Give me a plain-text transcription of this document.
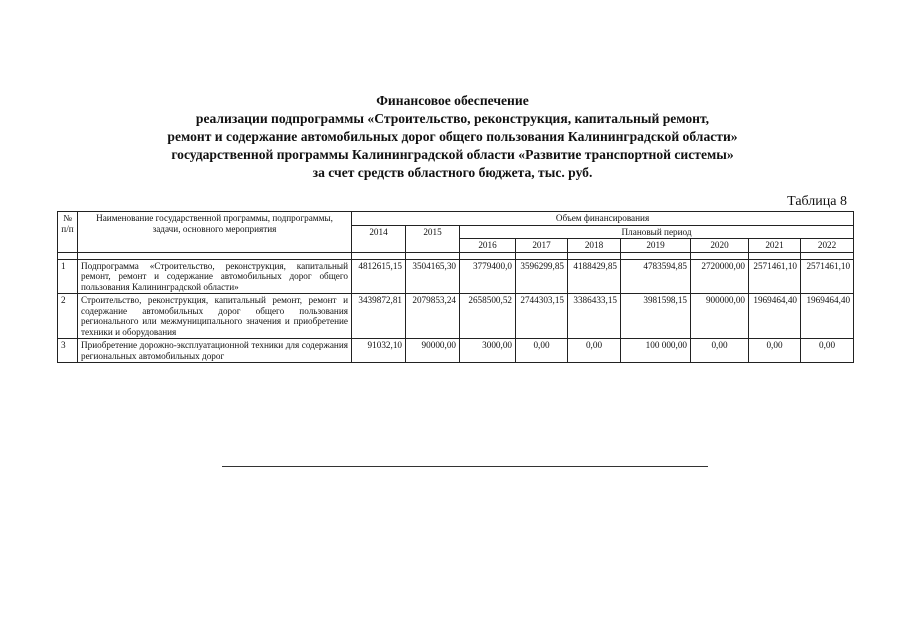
Финансовое обеспечение
реализации подпрограммы «Строительство, реконструкция, капитальный ремонт,
ремонт и содержание автомобильных дорог общего пользования Калининградской области»
государственной программы Калининградской области «Развитие транспортной системы»
за счет средств областного бюджета, тыс. руб.
Таблица 8
№ п/п	Наименование государственной программы, подпрограммы, задачи, основного мероприятия	Объем финансирования								
		2014	2015	Плановый период						
				2016	2017	2018	2019	2020	2021	2022

1	Подпрограмма «Строительство, реконструкция, капитальный ремонт, ремонт и содержание автомобильных дорог общего пользования Калининградской области»	4812615,15	3504165,30	3779400,0	3596299,85	4188429,85	4783594,85	2720000,00	2571461,10	2571461,10
2	Строительство, реконструкция, капитальный ремонт, ремонт и содержание автомобильных дорог общего пользования регионального или межмуниципального значения и приобретение техники и оборудования	3439872,81	2079853,24	2658500,52	2744303,15	3386433,15	3981598,15	900000,00	1969464,40	1969464,40
3	Приобретение дорожно-эксплуатационной техники для содержания региональных автомобильных дорог	91032,10	90000,00	3000,00	0,00	0,00	100 000,00	0,00	0,00	0,00
